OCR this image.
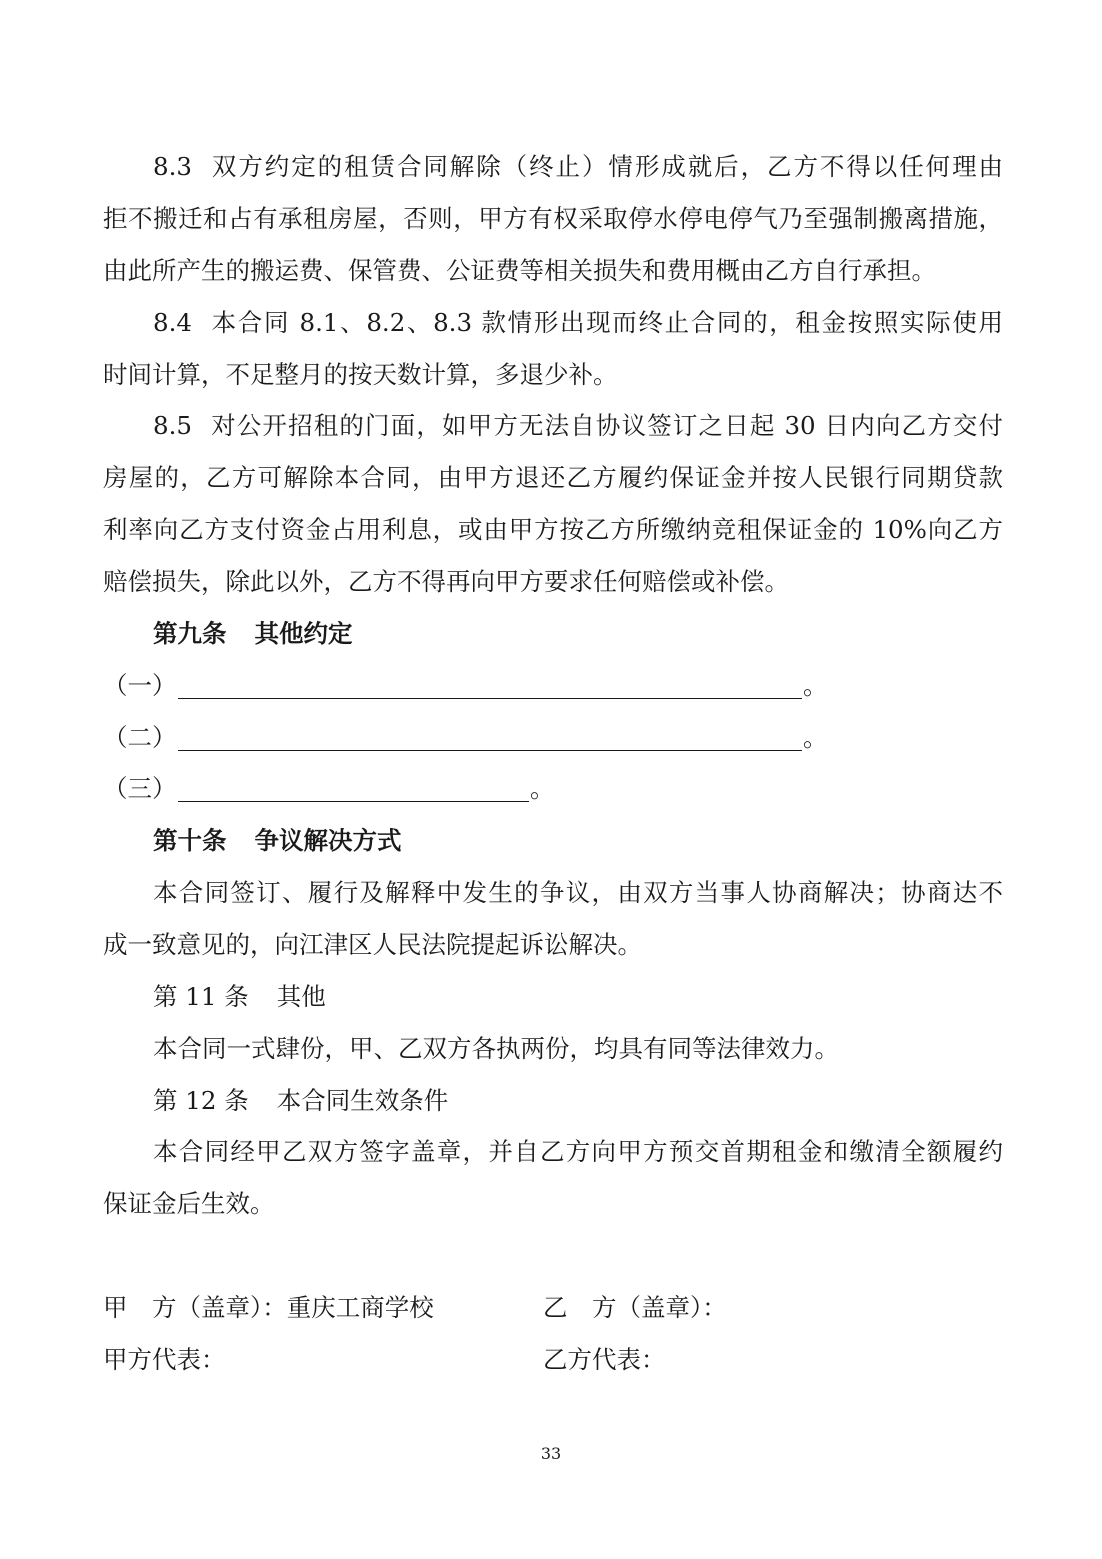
8.3 双方约定的租赁合同解除（终止）情形成就后，乙方不得以任何理由

拒不搬迁和占有承租房屋，否则，甲方有权采取停水停电停气乃至强制搬离措施，

由此所产生的搬运费、保管费、公证费等相关损失和费用概由乙方自行承担。

8.4 本合同 8.1、8.2、8.3 款情形出现而终止合同的，租金按照实际使用

时间计算，不足整月的按天数计算，多退少补。

8.5 对公开招租的门面，如甲方无法自协议签订之日起 30 日内向乙方交付

房屋的，乙方可解除本合同，由甲方退还乙方履约保证金并按人民银行同期贷款

利率向乙方支付资金占用利息，或由甲方按乙方所缴纳竞租保证金的 10%向乙方

赔偿损失，除此以外，乙方不得再向甲方要求任何赔偿或补偿。

第九条 其他约定

（一）	。
（二）	。
（三）	。

第十条 争议解决方式

本合同签订、履行及解释中发生的争议，由双方当事人协商解决；协商达不

成一致意见的，向江津区人民法院提起诉讼解决。

第 11 条 其他

本合同一式肆份，甲、乙双方各执两份，均具有同等法律效力。

第 12 条 本合同生效条件

本合同经甲乙双方签字盖章，并自乙方向甲方预交首期租金和缴清全额履约

保证金后生效。

甲　方（盖章）：重庆工商学校	乙　方（盖章）：

甲方代表：	乙方代表：

33
